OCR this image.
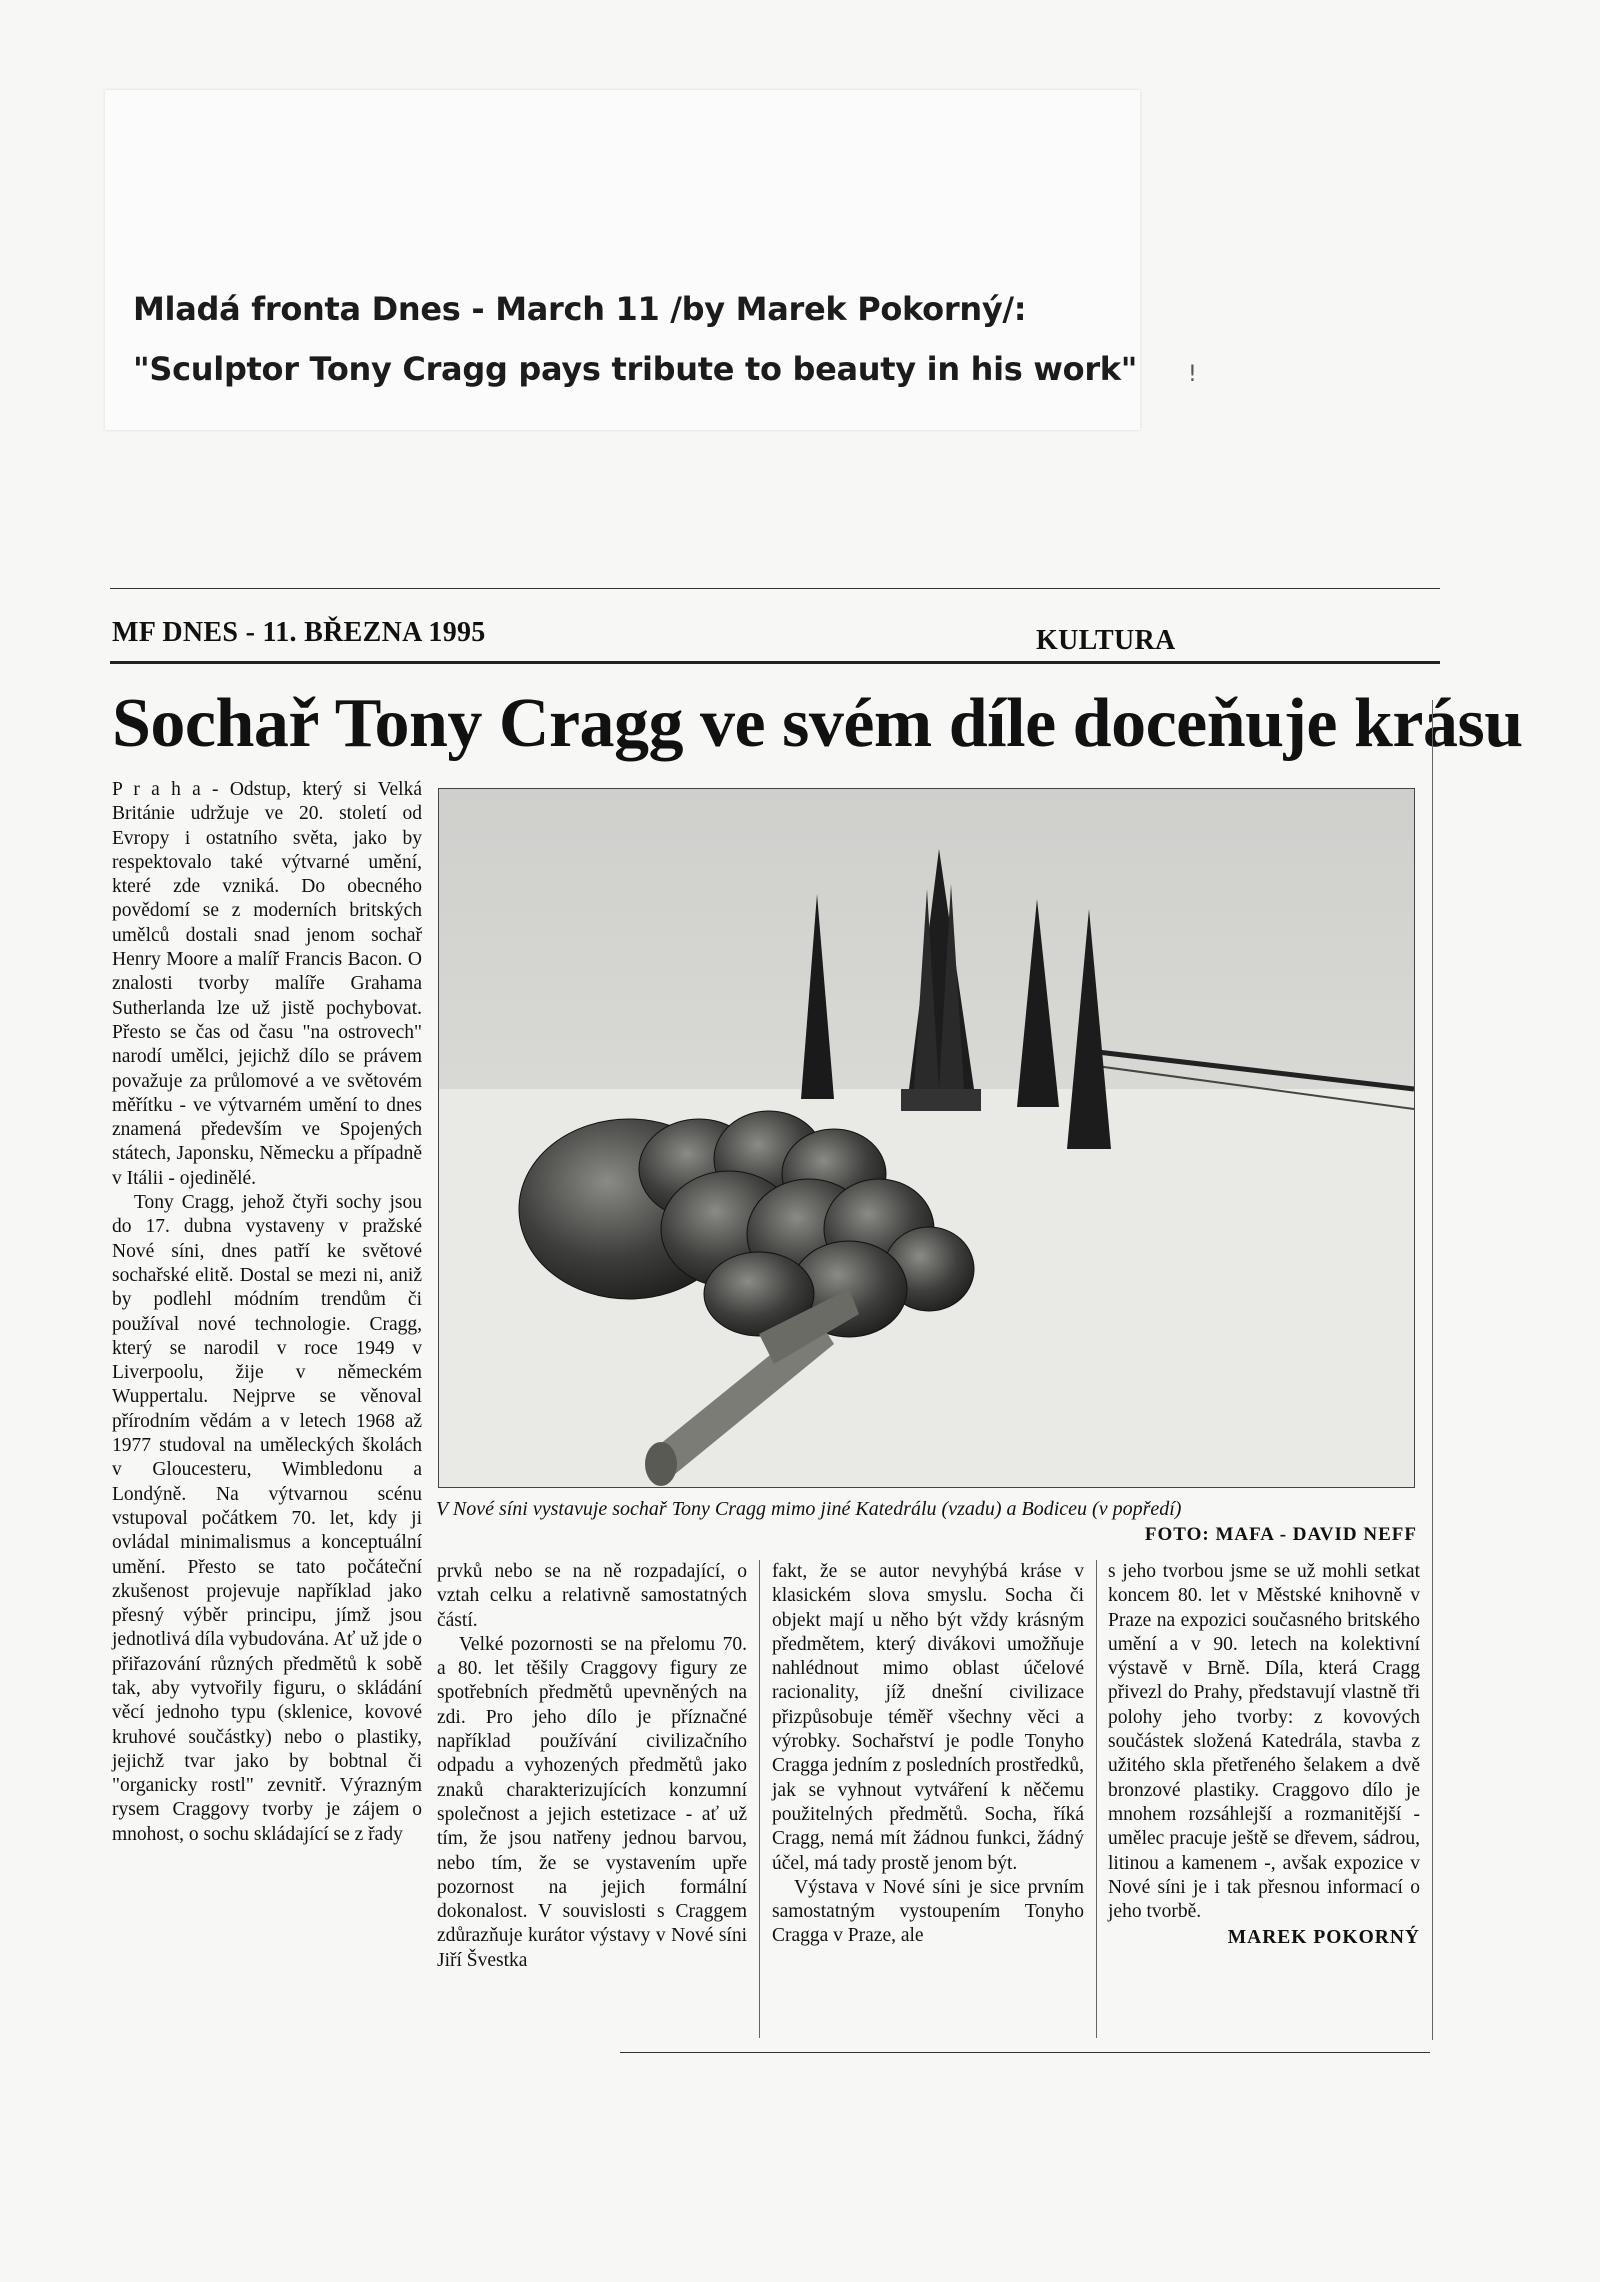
Mladá fronta Dnes - March 11 /by Marek Pokorný/:
"Sculptor Tony Cragg pays tribute to beauty in his work" !
MF DNES - 11. BŘEZNA 1995	KULTURA
Sochař Tony Cragg ve svém díle doceňuje krásu

P r a h a - Odstup, který si Velká Británie udržuje ve 20. století od Evropy i ostatního světa, jako by respektovalo také výtvarné umění, které zde vzniká. Do obecného povědomí se z moderních britských umělců dostali snad jenom sochař Henry Moore a malíř Francis Bacon. O znalosti tvorby malíře Grahama Sutherlanda lze už jistě pochybovat. Přesto se čas od času "na ostrovech" narodí umělci, jejichž dílo se právem považuje za průlomové a ve světovém měřítku - ve výtvarném umění to dnes znamená především ve Spojených státech, Japonsku, Německu a případně v Itálii - ojedinělé.

Tony Cragg, jehož čtyři sochy jsou do 17. dubna vystaveny v pražské Nové síni, dnes patří ke světové sochařské elitě. Dostal se mezi ni, aniž by podlehl módním trendům či používal nové technologie. Cragg, který se narodil v roce 1949 v Liverpoolu, žije v německém Wuppertalu. Nejprve se věnoval přírodním vědám a v letech 1968 až 1977 studoval na uměleckých školách v Gloucesteru, Wimbledonu a Londýně. Na výtvarnou scénu vstupoval počátkem 70. let, kdy ji ovládal minimalismus a konceptuální umění. Přesto se tato počáteční zkušenost projevuje například jako přesný výběr principu, jímž jsou jednotlivá díla vybudována. Ať už jde o přiřazování různých předmětů k sobě tak, aby vytvořily figuru, o skládání věcí jednoho typu (sklenice, kovové kruhové součástky) nebo o plastiky, jejichž tvar jako by bobtnal či "organicky rostl" zevnitř. Výrazným rysem Craggovy tvorby je zájem o mnohost, o sochu skládající se z řady

V Nové síni vystavuje sochař Tony Cragg mimo jiné Katedrálu (vzadu) a Bodiceu (v popředí)
FOTO: MAFA - DAVID NEFF

prvků nebo se na ně rozpadající, o vztah celku a relativně samostatných částí.

Velké pozornosti se na přelomu 70. a 80. let těšily Craggovy figury ze spotřebních předmětů upevněných na zdi. Pro jeho dílo je příznačné například používání civilizačního odpadu a vyhozených předmětů jako znaků charakterizujících konzumní společnost a jejich estetizace - ať už tím, že jsou natřeny jednou barvou, nebo tím, že se vystavením upře pozornost na jejich formální dokonalost. V souvislosti s Craggem zdůrazňuje kurátor výstavy v Nové síni Jiří Švestka

fakt, že se autor nevyhýbá kráse v klasickém slova smyslu. Socha či objekt mají u něho být vždy krásným předmětem, který divákovi umožňuje nahlédnout mimo oblast účelové racionality, jíž dnešní civilizace přizpůsobuje téměř všechny věci a výrobky. Sochařství je podle Tonyho Cragga jedním z posledních prostředků, jak se vyhnout vytváření k něčemu použitelných předmětů. Socha, říká Cragg, nemá mít žádnou funkci, žádný účel, má tady prostě jenom být.

Výstava v Nové síni je sice prvním samostatným vystoupením Tonyho Cragga v Praze, ale

s jeho tvorbou jsme se už mohli setkat koncem 80. let v Městské knihovně v Praze na expozici současného britského umění a v 90. letech na kolektivní výstavě v Brně. Díla, která Cragg přivezl do Prahy, představují vlastně tři polohy jeho tvorby: z kovových součástek složená Katedrála, stavba z užitého skla přetřeného šelakem a dvě bronzové plastiky. Craggovo dílo je mnohem rozsáhlejší a rozmanitější - umělec pracuje ještě se dřevem, sádrou, litinou a kamenem -, avšak expozice v Nové síni je i tak přesnou informací o jeho tvorbě.

MAREK POKORNÝ
